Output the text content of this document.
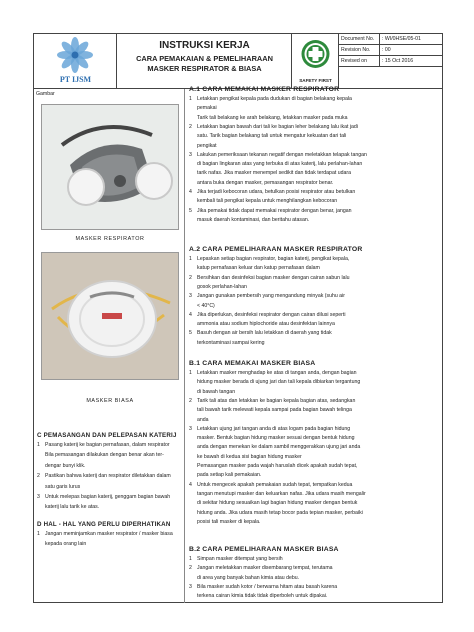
PT IJSM
INSTRUKSI KERJA
CARA PEMAKAIAN & PEMELIHARAAN
MASKER RESPIRATOR & BIASA
SAFETY FIRST
Document No.	: WI/0HSE/05-01
Revision No.	: 00
Revised on	: 15 Oct 2016
Gambar
MASKER RESPIRATOR
MASKER BIASA
C PEMASANGAN DAN PELEPASAN KATERIJ
D HAL - HAL YANG PERLU DIPERHATIKAN
1 Pasang katerij ke bagian pernafasan, dalam respirator
Bila pemasangan dilakukan dengan benar akan ter-
dengar bunyi klik.
2 Pastikan bahwa katerij dan respirator diletakkan dalam
satu garis lurus
3 Untuk melepas bagian katerij, genggam bagian bawah
katerij lalu tarik ke atas.
1 Jangan meminjamkan masker respirator / masker biasa
kepada orang lain
A.1 CARA MEMAKAI MASKER RESPIRATOR
1 Letakkan pengikat kepala pada dudukan di bagian belakang kepala
pemakai
Tarik tali belakang ke arah belakang, letakkan masker pada muka
2 Letakkan bagian bawah dari tali ke bagian leher belakang lalu ikat jadi
satu. Tarik bagian belakang tali untuk mengatur kekuatan dari tali
pengikat
3 Lakukan pemeriksaan tekanan negatif dengan meletakkan telapak tangan
di bagian lingkaran atas yang terbuka di atas katerij, lalu perlahan-lahan
tarik nafas. Jika masker menempel sedikit dan tidak terdapat udara
antara buka dengan masker, pemasangan respirator benar.
4 Jika terjadi kebocoran udara, betulkan posisi respirator atau betulkan
kembali tali pengikat kepala untuk menghilangkan kebocoran
5 Jika pemakai tidak dapat memakai respirator dengan benar, jangan
masuk daerah kontaminasi, dan beritahu atasan.
A.2 CARA PEMELIHARAAN MASKER RESPIRATOR
1 Lepaskan setiap bagian respirator, bagian katerij, pengikat kepala,
katup pernafasan keluar dan katup pernafasan dalam
2 Bersihkan dan desinfeksi bagian masker dengan cairan sabun lalu
gosok perlahan-lahan
3 Jangan gunakan pembersih yang mengandung minyak (suhu air
< 40°C)
4 Jika diperlukan, desinfeksi respirator dengan cairan dilusi seperti
ammonia atau sodium hiplochoride atau desinfektan lainnya
5 Basuh dengan air bersih lalu letakkan di daerah yang tidak
terkontaminasi sampai kering
B.1 CARA MEMAKAI MASKER BIASA
1 Letakkan masker menghadap ke atas di tangan anda, dengan bagian
hidung masker berada di ujung jari dan tali kepala dibiarkan tergantung
di bawah tangan
2 Tarik tali atas dan letakkan ke bagian kepala bagian atas, sedangkan
tali bawah tarik melewati kepala sampai pada bagian bawah telinga
anda
3 Letakkan ujung jari tangan anda di atas logam pada bagian hidung
masker. Bentuk bagian hidung masker sesuai dengan bentuk hidung
anda dengan menekan ke dalam sambil menggerakkan ujung jari anda
ke bawah di kedua sisi bagian hidung masker
Pemasangan masker pada wajah haruslah dicek apakah sudah tepat,
pada setiap kali pemakaian.
4 Untuk mengecek apakah pemakaian sudah tepat, tempatkan kedua
tangan menutupi masker dan keluarkan nafas. Jika udara masih mengalir
di sekitar hidung sesuaikan lagi bagian hidung masker dengan bentuk
hidung anda. Jika udara masih tetap bocor pada tepian masker, perbaiki
posisi tali masker di kepala.
B.2 CARA PEMELIHARAAN MASKER BIASA
1 Simpan masker ditempat yang bersih
2 Jangan meletakkan masker disembarang tempat, terutama
di area yang banyak bahan kimia atau debu.
3 Bila masker sudah kotor / berwarna hitam atau basah karena
terkena cairan kimia tidak tidak diperboleh untuk dipakai.
